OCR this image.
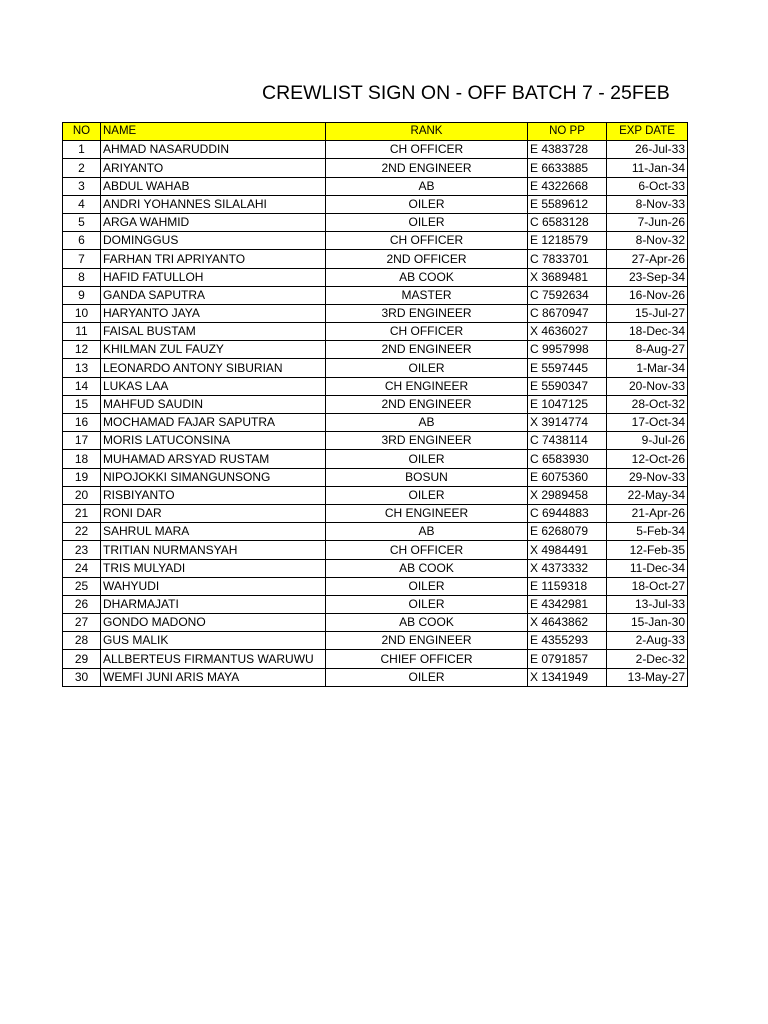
CREWLIST SIGN ON - OFF BATCH 7 - 25FEB
NO	NAME	RANK	NO PP	EXP DATE
1	AHMAD NASARUDDIN	CH OFFICER	E 4383728	26-Jul-33
2	ARIYANTO	2ND ENGINEER	E 6633885	11-Jan-34
3	ABDUL WAHAB	AB	E 4322668	6-Oct-33
4	ANDRI YOHANNES SILALAHI	OILER	E 5589612	8-Nov-33
5	ARGA WAHMID	OILER	C 6583128	7-Jun-26
6	DOMINGGUS	CH OFFICER	E 1218579	8-Nov-32
7	FARHAN TRI APRIYANTO	2ND OFFICER	C 7833701	27-Apr-26
8	HAFID FATULLOH	AB COOK	X 3689481	23-Sep-34
9	GANDA SAPUTRA	MASTER	C 7592634	16-Nov-26
10	HARYANTO JAYA	3RD ENGINEER	C 8670947	15-Jul-27
11	FAISAL BUSTAM	CH OFFICER	X 4636027	18-Dec-34
12	KHILMAN ZUL FAUZY	2ND ENGINEER	C 9957998	8-Aug-27
13	LEONARDO ANTONY SIBURIAN	OILER	E 5597445	1-Mar-34
14	LUKAS LAA	CH ENGINEER	E 5590347	20-Nov-33
15	MAHFUD SAUDIN	2ND ENGINEER	E 1047125	28-Oct-32
16	MOCHAMAD FAJAR SAPUTRA	AB	X 3914774	17-Oct-34
17	MORIS LATUCONSINA	3RD ENGINEER	C 7438114	9-Jul-26
18	MUHAMAD ARSYAD RUSTAM	OILER	C 6583930	12-Oct-26
19	NIPOJOKKI SIMANGUNSONG	BOSUN	E 6075360	29-Nov-33
20	RISBIYANTO	OILER	X 2989458	22-May-34
21	RONI DAR	CH ENGINEER	C 6944883	21-Apr-26
22	SAHRUL MARA	AB	E 6268079	5-Feb-34
23	TRITIAN NURMANSYAH	CH OFFICER	X 4984491	12-Feb-35
24	TRIS MULYADI	AB COOK	X 4373332	11-Dec-34
25	WAHYUDI	OILER	E 1159318	18-Oct-27
26	DHARMAJATI	OILER	E 4342981	13-Jul-33
27	GONDO MADONO	AB COOK	X 4643862	15-Jan-30
28	GUS MALIK	2ND ENGINEER	E 4355293	2-Aug-33
29	ALLBERTEUS FIRMANTUS WARUWU	CHIEF OFFICER	E 0791857	2-Dec-32
30	WEMFI JUNI ARIS MAYA	OILER	X 1341949	13-May-27
